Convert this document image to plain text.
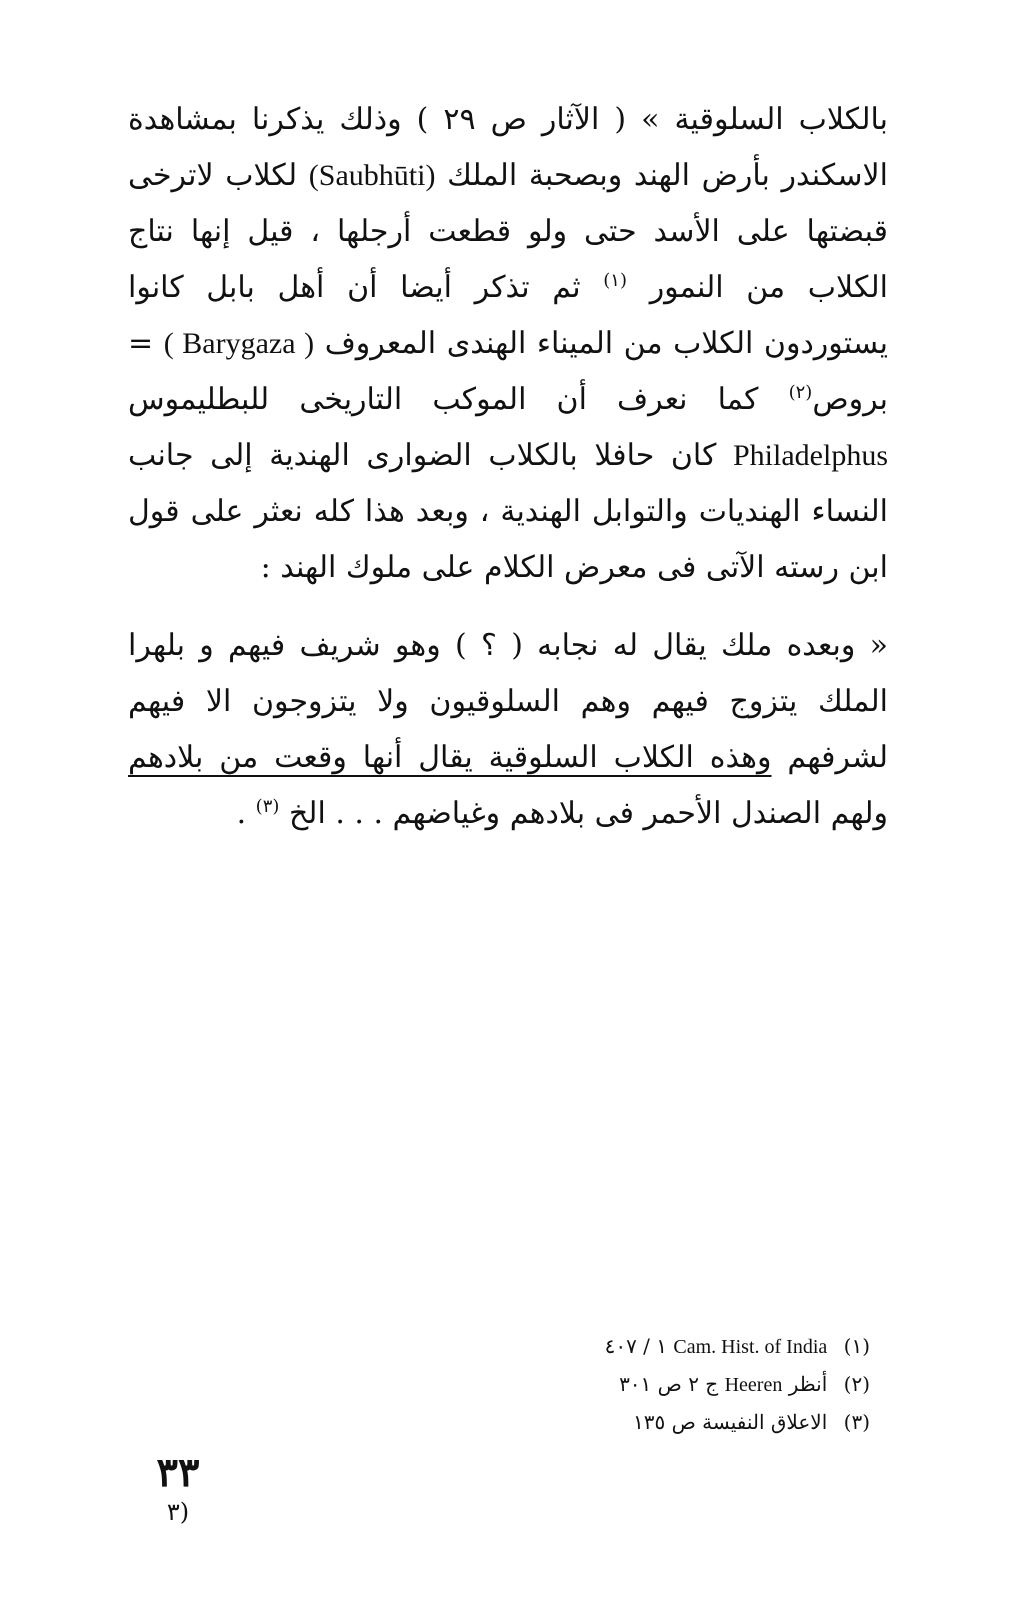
بالكلاب السلوقية » ( الآثار ص ٢٩ ) وذلك يذكرنا بمشاهدة الاسكندر بأرض الهند وبصحبة الملك (Saubhūti) لكلاب لاترخى قبضتها على الأسد حتى ولو قطعت أرجلها ، قيل إنها نتاج الكلاب من النمور $^{(١)}$ ثم تذكر أيضا أن أهل بابل كانوا يستوردون الكلاب من الميناء الهندى المعروف ( Barygaza ) = بروص$^{(٢)}$ كما نعرف أن الموكب التاريخى للبطليموس Philadelphus كان حافلا بالكلاب الضوارى الهندية إلى جانب النساء الهنديات والتوابل الهندية ، وبعد هذا كله نعثر على قول ابن رسته الآتى فى معرض الكلام على ملوك الهند :

« وبعده ملك يقال له نجابه ( ؟ ) وهو شريف فيهم و بلهرا الملك يتزوج فيهم وهم السلوقيون ولا يتزوجون الا فيهم لشرفهم وهذه الكلاب السلوقية يقال أنها وقعت من بلادهم ولهم الصندل الأحمر فى بلادهم وغياضهم . . . الخ $^{(٣)}$ .

(١) Cam. Hist. of India ١ / ٤٠٧
(٢) أنظر Heeren ج ٢ ص ٣٠١
(٣) الاعلاق النفيسة ص ١٣٥
٣٣
٣)
